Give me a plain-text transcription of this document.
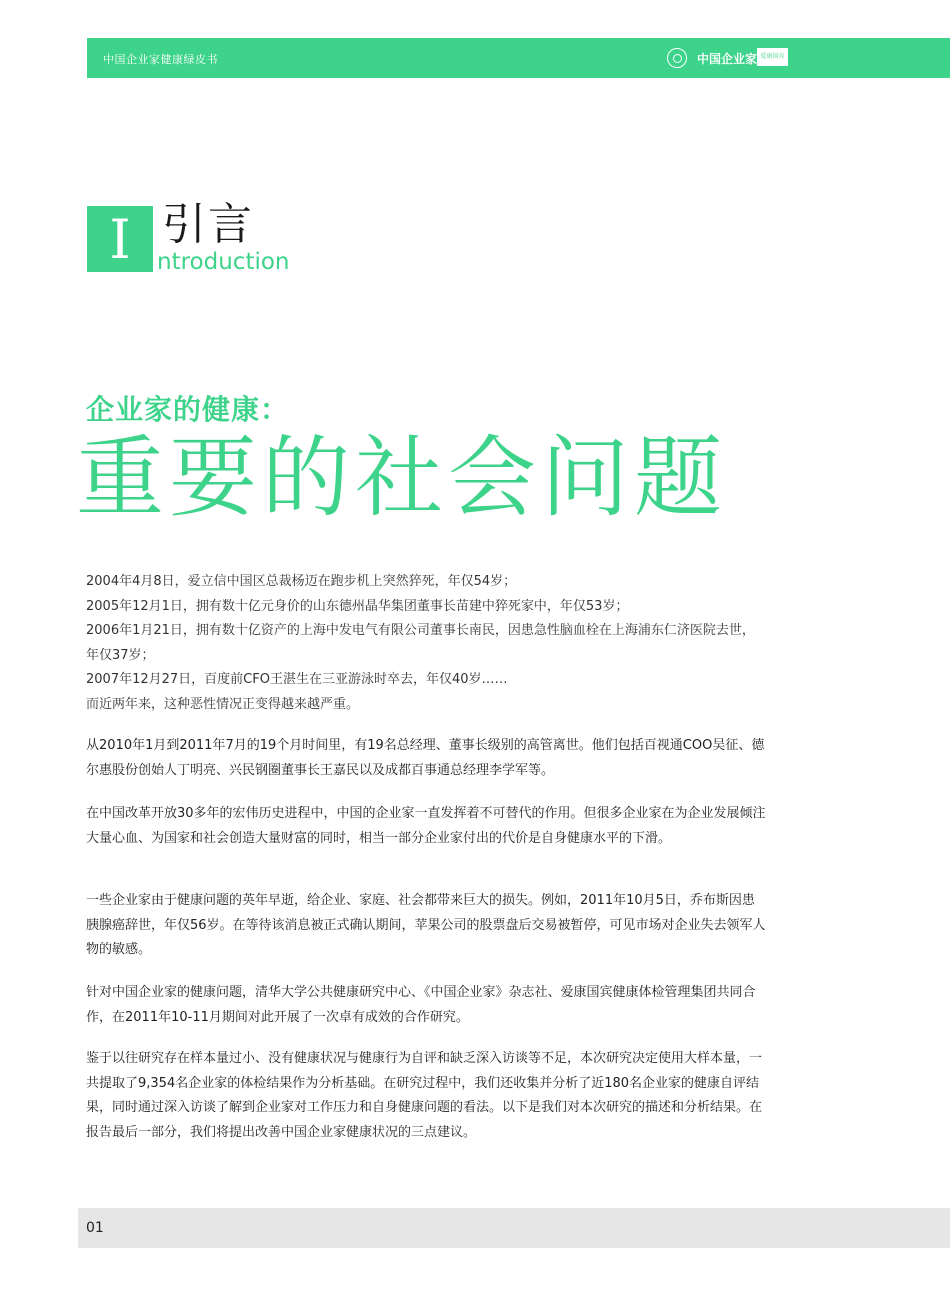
中国企业家健康绿皮书	中国企业家 爱康国宾
I 引言
ntroduction
企业家的健康：
重要的社会问题

2004年4月8日，爱立信中国区总裁杨迈在跑步机上突然猝死，年仅54岁；

2005年12月1日，拥有数十亿元身价的山东德州晶华集团董事长苗建中猝死家中，年仅53岁；

2006年1月21日，拥有数十亿资产的上海中发电气有限公司董事长南民，因患急性脑血栓在上海浦东仁济医院去世，年仅37岁；

2007年12月27日，百度前CFO王湛生在三亚游泳时卒去，年仅40岁……

而近两年来，这种恶性情况正变得越来越严重。

从2010年1月到2011年7月的19个月时间里，有19名总经理、董事长级别的高管离世。他们包括百视通COO吴征、德尔惠股份创始人丁明亮、兴民钢圈董事长王嘉民以及成都百事通总经理李学军等。
在中国改革开放30多年的宏伟历史进程中，中国的企业家一直发挥着不可替代的作用。但很多企业家在为企业发展倾注大量心血、为国家和社会创造大量财富的同时，相当一部分企业家付出的代价是自身健康水平的下滑。
一些企业家由于健康问题的英年早逝，给企业、家庭、社会都带来巨大的损失。例如，2011年10月5日，乔布斯因患胰腺癌辞世，年仅56岁。在等待该消息被正式确认期间，苹果公司的股票盘后交易被暂停，可见市场对企业失去领军人物的敏感。
针对中国企业家的健康问题，清华大学公共健康研究中心、《中国企业家》杂志社、爱康国宾健康体检管理集团共同合作，在2011年10-11月期间对此开展了一次卓有成效的合作研究。
鉴于以往研究存在样本量过小、没有健康状况与健康行为自评和缺乏深入访谈等不足，本次研究决定使用大样本量，一共提取了9,354名企业家的体检结果作为分析基础。在研究过程中，我们还收集并分析了近180名企业家的健康自评结果，同时通过深入访谈了解到企业家对工作压力和自身健康问题的看法。以下是我们对本次研究的描述和分析结果。在报告最后一部分，我们将提出改善中国企业家健康状况的三点建议。
01
